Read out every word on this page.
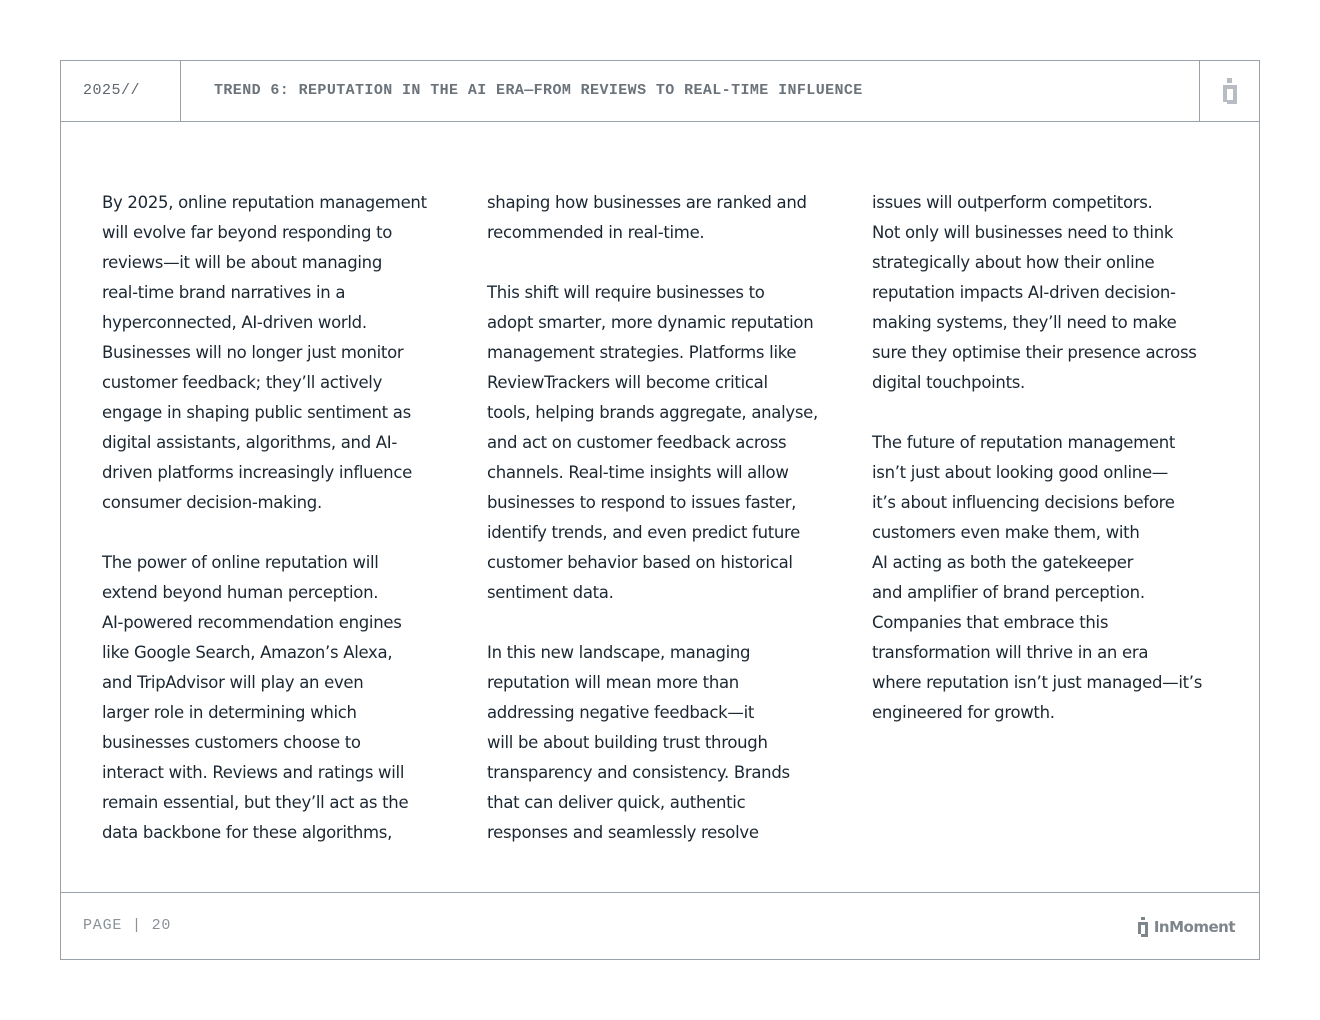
2025//	TREND 6: REPUTATION IN THE AI ERA—FROM REVIEWS TO REAL-TIME INFLUENCE
By 2025, online reputation management
will evolve far beyond responding to
reviews—it will be about managing
real-time brand narratives in a
hyperconnected, AI-driven world.
Businesses will no longer just monitor
customer feedback; they’ll actively
engage in shaping public sentiment as
digital assistants, algorithms, and AI-
driven platforms increasingly influence
consumer decision-making.

The power of online reputation will
extend beyond human perception.
AI-powered recommendation engines
like Google Search, Amazon’s Alexa,
and TripAdvisor will play an even
larger role in determining which
businesses customers choose to
interact with. Reviews and ratings will
remain essential, but they’ll act as the
data backbone for these algorithms,
shaping how businesses are ranked and
recommended in real-time.

This shift will require businesses to
adopt smarter, more dynamic reputation
management strategies. Platforms like
ReviewTrackers will become critical
tools, helping brands aggregate, analyse,
and act on customer feedback across
channels. Real-time insights will allow
businesses to respond to issues faster,
identify trends, and even predict future
customer behavior based on historical
sentiment data.

In this new landscape, managing
reputation will mean more than
addressing negative feedback—it
will be about building trust through
transparency and consistency. Brands
that can deliver quick, authentic
responses and seamlessly resolve
issues will outperform competitors.
Not only will businesses need to think
strategically about how their online
reputation impacts AI-driven decision-
making systems, they’ll need to make
sure they optimise their presence across
digital touchpoints.

The future of reputation management
isn’t just about looking good online—
it’s about influencing decisions before
customers even make them, with
AI acting as both the gatekeeper
and amplifier of brand perception.
Companies that embrace this
transformation will thrive in an era
where reputation isn’t just managed—it’s
engineered for growth.
PAGE | 20	InMoment
